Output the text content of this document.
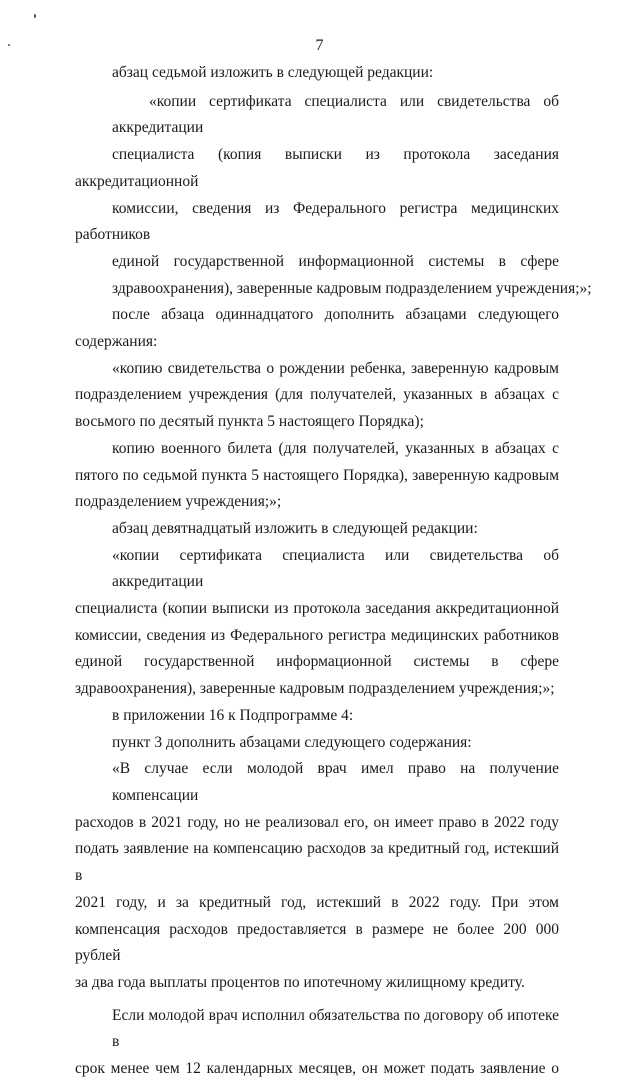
7

абзац седьмой изложить в следующей редакции:

«копии сертификата специалиста или свидетельства об аккредитации
специалиста (копия выписки из протокола заседания аккредитационной
комиссии, сведения из Федерального регистра медицинских работников
единой государственной информационной системы в сфере
здравоохранения), заверенные кадровым подразделением учреждения;»;

после абзаца одиннадцатого дополнить абзацами следующего
содержания:

«копию свидетельства о рождении ребенка, заверенную кадровым
подразделением учреждения (для получателей, указанных в абзацах с
восьмого по десятый пункта 5 настоящего Порядка);

копию военного билета (для получателей, указанных в абзацах с
пятого по седьмой пункта 5 настоящего Порядка), заверенную кадровым
подразделением учреждения;»;

абзац девятнадцатый изложить в следующей редакции:

«копии сертификата специалиста или свидетельства об аккредитации
специалиста (копии выписки из протокола заседания аккредитационной
комиссии, сведения из Федерального регистра медицинских работников
единой государственной информационной системы в сфере
здравоохранения), заверенные кадровым подразделением учреждения;»;

в приложении 16 к Подпрограмме 4:

пункт 3 дополнить абзацами следующего содержания:

«В случае если молодой врач имел право на получение компенсации
расходов в 2021 году, но не реализовал его, он имеет право в 2022 году
подать заявление на компенсацию расходов за кредитный год, истекший в
2021 году, и за кредитный год, истекший в 2022 году. При этом
компенсация расходов предоставляется в размере не более 200 000 рублей
за два года выплаты процентов по ипотечному жилищному кредиту.

Если молодой врач исполнил обязательства по договору об ипотеке в
срок менее чем 12 календарных месяцев, он может подать заявление о
